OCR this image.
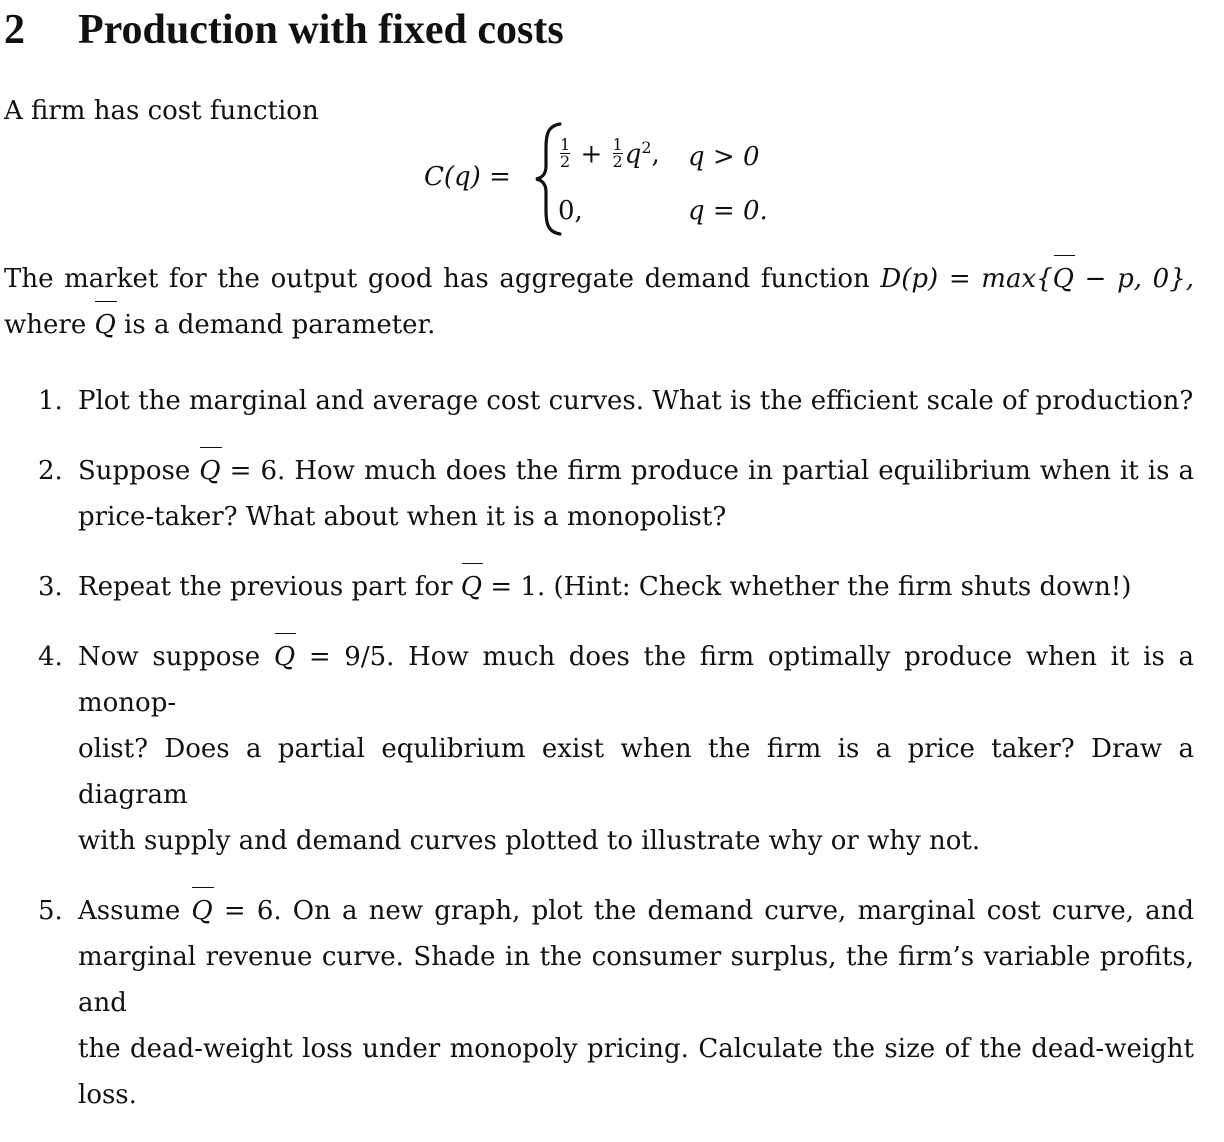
2 Production with fixed costs
A firm has cost function
C(q) =
$\frac{1}{2} + \frac{1}{2} q^2$, q > 0
0,	q = 0.
The market for the output good has aggregate demand function D(p) = max{Q − p, 0},
where Q is a demand parameter.
1. Plot the marginal and average cost curves. What is the efficient scale of production?
2. Suppose Q = 6. How much does the firm produce in partial equilibrium when it is a
price-taker? What about when it is a monopolist?
3. Repeat the previous part for Q = 1. (Hint: Check whether the firm shuts down!)
4. Now suppose Q = 9/5. How much does the firm optimally produce when it is a monop-
olist? Does a partial equlibrium exist when the firm is a price taker? Draw a diagram
with supply and demand curves plotted to illustrate why or why not.
5. Assume Q = 6. On a new graph, plot the demand curve, marginal cost curve, and
marginal revenue curve. Shade in the consumer surplus, the firm’s variable profits, and
the dead-weight loss under monopoly pricing. Calculate the size of the dead-weight
loss.
